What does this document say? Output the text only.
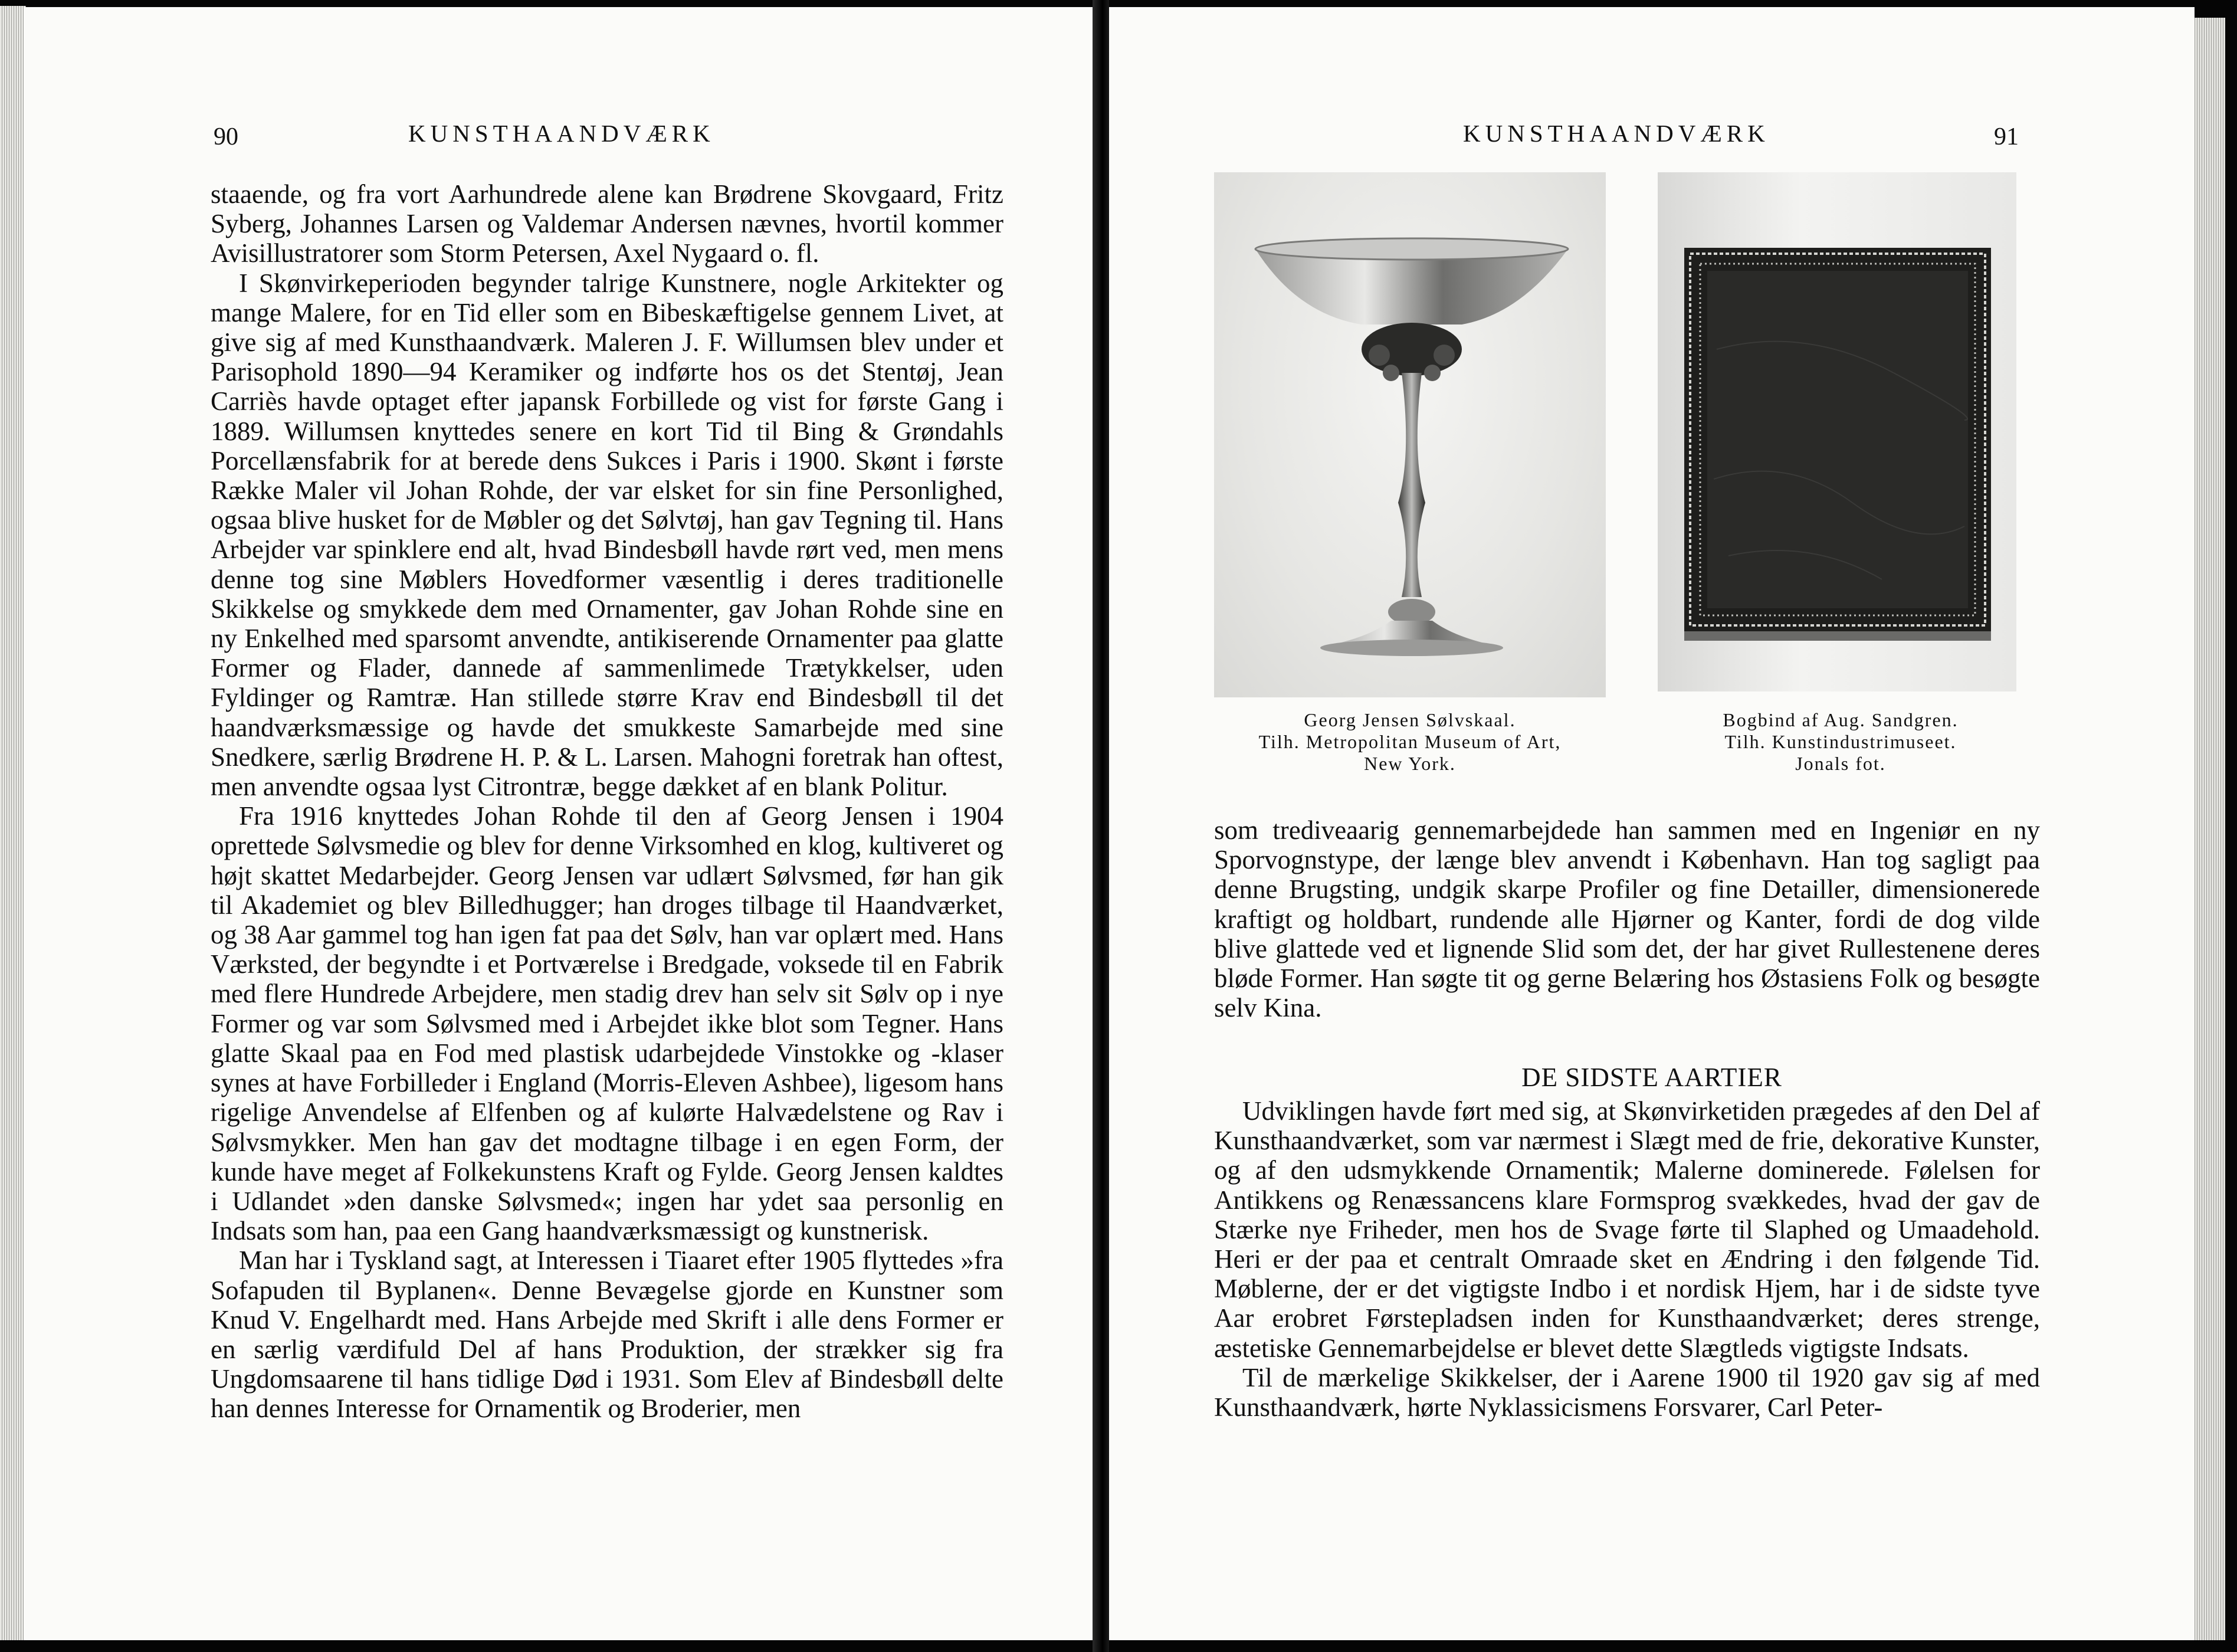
90	KUNSTHAANDVÆRK

staaende, og fra vort Aarhundrede alene kan Brødrene Skovgaard, Fritz Syberg, Johannes Larsen og Valdemar Andersen nævnes, hvortil kommer Avisillustratorer som Storm Petersen, Axel Nygaard o. fl.

I Skønvirkeperioden begynder talrige Kunstnere, nogle Arkitekter og mange Malere, for en Tid eller som en Bibeskæftigelse gennem Livet, at give sig af med Kunsthaandværk. Maleren J. F. Willumsen blev under et Parisophold 1890—94 Keramiker og indførte hos os det Stentøj, Jean Carriès havde optaget efter japansk Forbillede og vist for første Gang i 1889. Willumsen knyttedes senere en kort Tid til Bing & Grøndahls Porcellænsfabrik for at berede dens Sukces i Paris i 1900. Skønt i første Række Maler vil Johan Rohde, der var elsket for sin fine Personlighed, ogsaa blive husket for de Møbler og det Sølvtøj, han gav Tegning til. Hans Arbejder var spinklere end alt, hvad Bindesbøll havde rørt ved, men mens denne tog sine Møblers Hovedformer væsentlig i deres traditionelle Skikkelse og smykkede dem med Ornamenter, gav Johan Rohde sine en ny Enkelhed med sparsomt anvendte, antikiserende Ornamenter paa glatte Former og Flader, dannede af sammenlimede Trætykkelser, uden Fyldinger og Ramtræ. Han stillede større Krav end Bindesbøll til det haandværksmæssige og havde det smukkeste Samarbejde med sine Snedkere, særlig Brødrene H. P. & L. Larsen. Mahogni foretrak han oftest, men anvendte ogsaa lyst Citrontræ, begge dækket af en blank Politur.

Fra 1916 knyttedes Johan Rohde til den af Georg Jensen i 1904 oprettede Sølvsmedie og blev for denne Virksomhed en klog, kultiveret og højt skattet Medarbejder. Georg Jensen var udlært Sølvsmed, før han gik til Akademiet og blev Billedhugger; han droges tilbage til Haandværket, og 38 Aar gammel tog han igen fat paa det Sølv, han var oplært med. Hans Værksted, der begyndte i et Portværelse i Bredgade, voksede til en Fabrik med flere Hundrede Arbejdere, men stadig drev han selv sit Sølv op i nye Former og var som Sølvsmed med i Arbejdet ikke blot som Tegner. Hans glatte Skaal paa en Fod med plastisk udarbejdede Vinstokke og -klaser synes at have Forbilleder i England (Morris-Eleven Ashbee), ligesom hans rigelige Anvendelse af Elfenben og af kulørte Halvædelstene og Rav i Sølvsmykker. Men han gav det modtagne tilbage i en egen Form, der kunde have meget af Folkekunstens Kraft og Fylde. Georg Jensen kaldtes i Udlandet »den danske Sølvsmed«; ingen har ydet saa personlig en Indsats som han, paa een Gang haandværksmæssigt og kunstnerisk.

Man har i Tyskland sagt, at Interessen i Tiaaret efter 1905 flyttedes »fra Sofapuden til Byplanen«. Denne Bevægelse gjorde en Kunstner som Knud V. Engelhardt med. Hans Arbejde med Skrift i alle dens Former er en særlig værdifuld Del af hans Produktion, der strækker sig fra Ungdomsaarene til hans tidlige Død i 1931. Som Elev af Bindesbøll delte han dennes Interesse for Ornamentik og Broderier, men

KUNSTHAANDVÆRK	91
Georg Jensen Sølvskaal.
Tilh. Metropolitan Museum of Art,
New York.
Bogbind af Aug. Sandgren.
Tilh. Kunstindustrimuseet.
Jonals fot.

som trediveaarig gennemarbejdede han sammen med en Ingeniør en ny Sporvognstype, der længe blev anvendt i København. Han tog sagligt paa denne Brugsting, undgik skarpe Profiler og fine Detailler, dimensionerede kraftigt og holdbart, rundende alle Hjørner og Kanter, fordi de dog vilde blive glattede ved et lignende Slid som det, der har givet Rullestenene deres bløde Former. Han søgte tit og gerne Belæring hos Østasiens Folk og besøgte selv Kina.

DE SIDSTE AARTIER

Udviklingen havde ført med sig, at Skønvirketiden prægedes af den Del af Kunsthaandværket, som var nærmest i Slægt med de frie, dekorative Kunster, og af den udsmykkende Ornamentik; Malerne dominerede. Følelsen for Antikkens og Renæssancens klare Formsprog svækkedes, hvad der gav de Stærke nye Friheder, men hos de Svage førte til Slaphed og Umaadehold. Heri er der paa et centralt Omraade sket en Ændring i den følgende Tid. Møblerne, der er det vigtigste Indbo i et nordisk Hjem, har i de sidste tyve Aar erobret Førstepladsen inden for Kunsthaandværket; deres strenge, æstetiske Gennemarbejdelse er blevet dette Slægtleds vigtigste Indsats.

Til de mærkelige Skikkelser, der i Aarene 1900 til 1920 gav sig af med Kunsthaandværk, hørte Nyklassicismens Forsvarer, Carl Peter-
